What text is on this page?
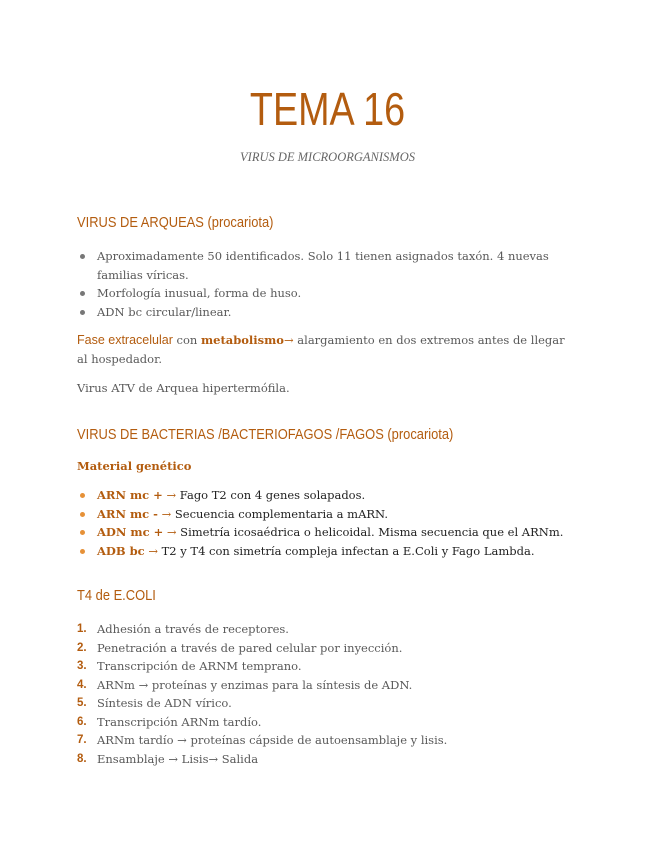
TEMA 16
VIRUS DE MICROORGANISMOS
VIRUS DE ARQUEAS (procariota)
Aproximadamente 50 identificados. Solo 11 tienen asignados taxón. 4 nuevas familias víricas.
Morfología inusual, forma de huso.
ADN bc circular/linear.
Fase extracelular con metabolismo→ alargamiento en dos extremos antes de llegar al hospedador.
Virus ATV de Arquea hipertermófila.
VIRUS DE BACTERIAS /BACTERIOFAGOS /FAGOS (procariota)
Material genético
ARN mc + → Fago T2 con 4 genes solapados.
ARN mc - → Secuencia complementaria a mARN.
ADN mc + → Simetría icosaédrica o helicoidal. Misma secuencia que el ARNm.
ADB bc → T2 y T4 con simetría compleja infectan a E.Coli y Fago Lambda.
T4 de E.COLI
1. Adhesión a través de receptores.
2. Penetración a través de pared celular por inyección.
3. Transcripción de ARNM temprano.
4. ARNm → proteínas y enzimas para la síntesis de ADN.
5. Síntesis de ADN vírico.
6. Transcripción ARNm tardío.
7. ARNm tardío → proteínas cápside de autoensamblaje y lisis.
8. Ensamblaje → Lisis→ Salida
